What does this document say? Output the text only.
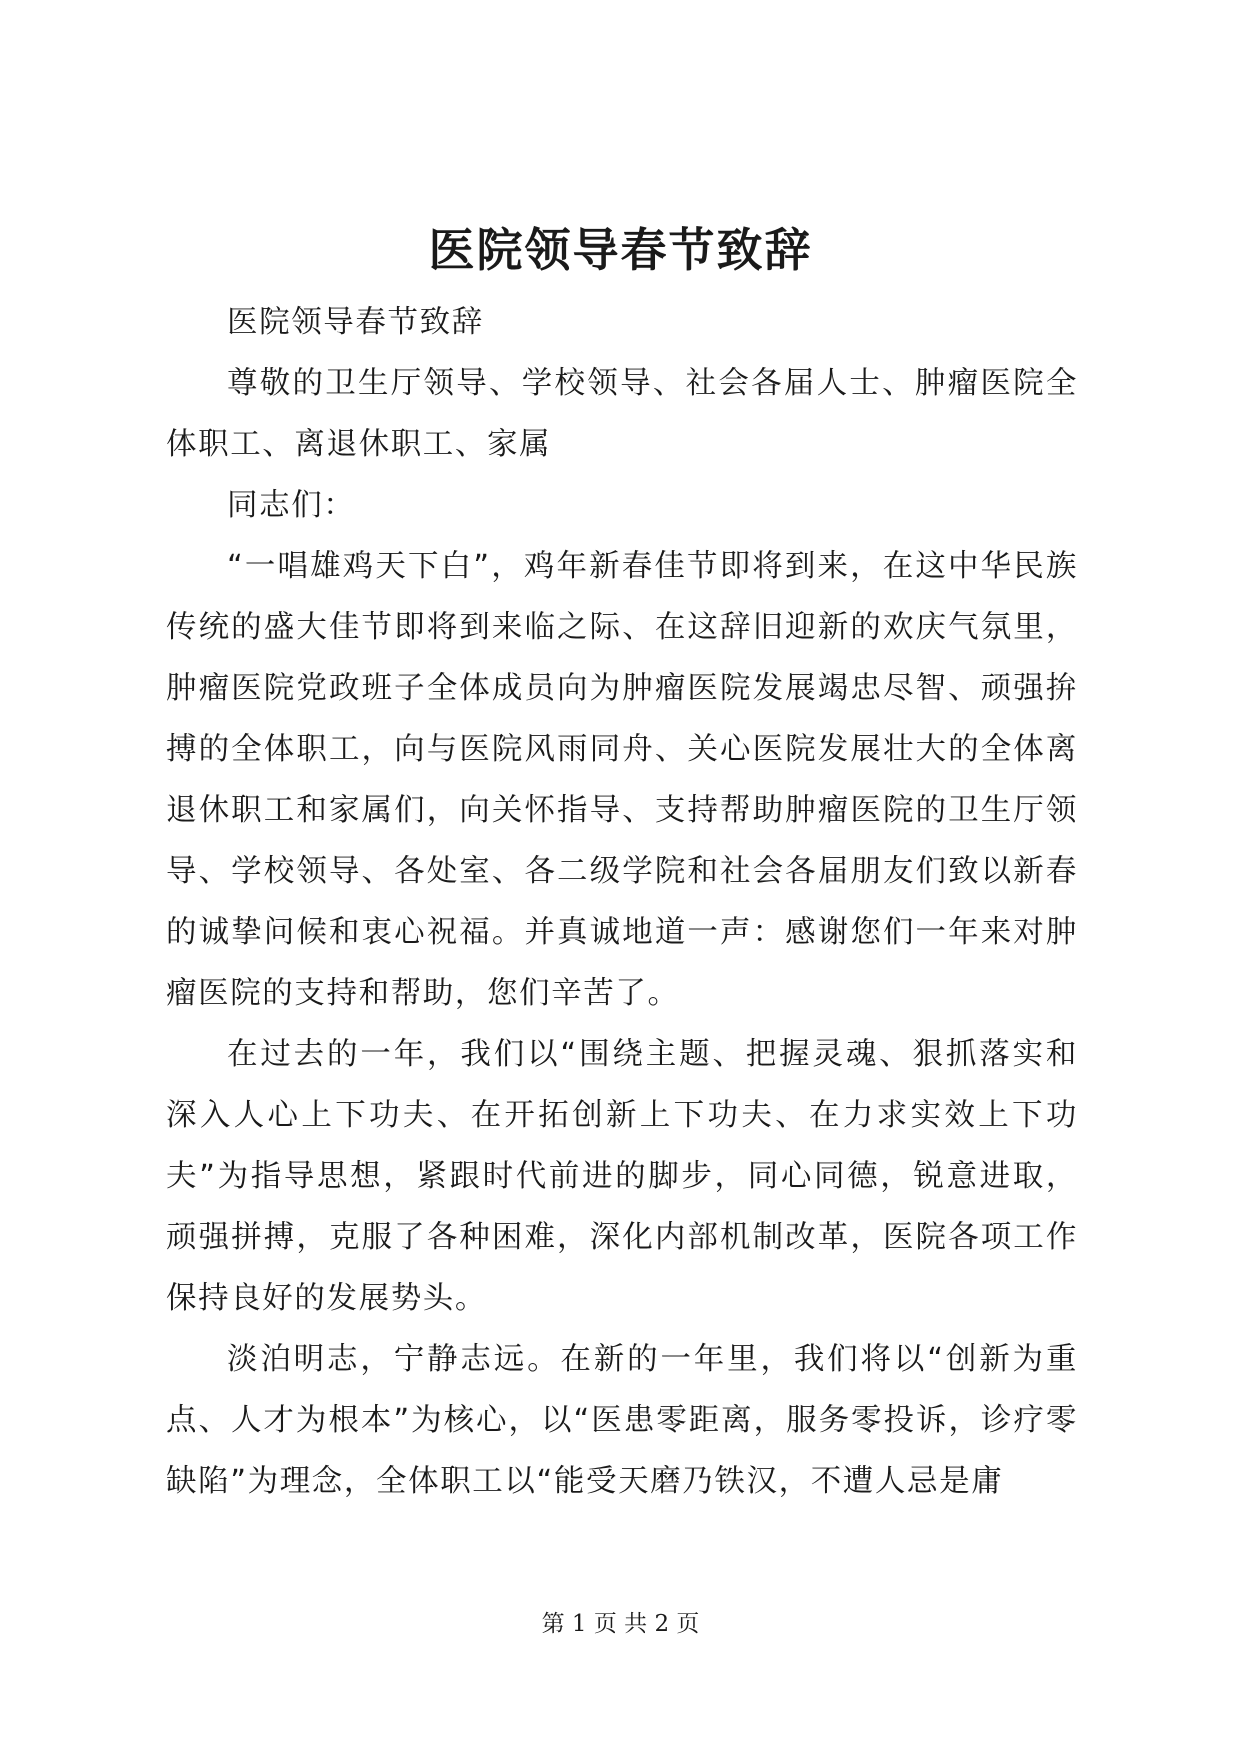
医院领导春节致辞

医院领导春节致辞

尊敬的卫生厅领导、学校领导、社会各届人士、肿瘤医院全体职工、离退休职工、家属

同志们：

“一唱雄鸡天下白”，鸡年新春佳节即将到来，在这中华民族传统的盛大佳节即将到来临之际、在这辞旧迎新的欢庆气氛里，肿瘤医院党政班子全体成员向为肿瘤医院发展竭忠尽智、顽强拚搏的全体职工，向与医院风雨同舟、关心医院发展壮大的全体离退休职工和家属们，向关怀指导、支持帮助肿瘤医院的卫生厅领导、学校领导、各处室、各二级学院和社会各届朋友们致以新春的诚挚问候和衷心祝福。并真诚地道一声：感谢您们一年来对肿瘤医院的支持和帮助，您们辛苦了。

在过去的一年，我们以“围绕主题、把握灵魂、狠抓落实和深入人心上下功夫、在开拓创新上下功夫、在力求实效上下功夫”为指导思想，紧跟时代前进的脚步，同心同德，锐意进取，顽强拼搏，克服了各种困难，深化内部机制改革，医院各项工作保持良好的发展势头。

淡泊明志，宁静志远。在新的一年里，我们将以“创新为重点、人才为根本”为核心，以“医患零距离，服务零投诉，诊疗零缺陷”为理念，全体职工以“能受天磨乃铁汉，不遭人忌是庸

第 1 页 共 2 页
